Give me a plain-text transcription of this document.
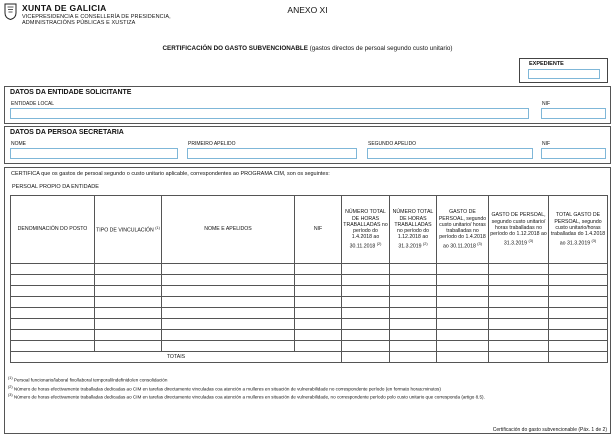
XUNTA DE GALICIA
VICEPRESIDENCIA E CONSELLERÍA DE PRESIDENCIA,
ADMINISTRACIÓNS PÚBLICAS E XUSTIZA
ANEXO XI
CERTIFICACIÓN DO GASTO SUBVENCIONABLE (gastos directos de persoal segundo custo unitario)
EXPEDIENTE
DATOS DA ENTIDADE SOLICITANTE
ENTIDADE LOCAL	NIF
DATOS DA PERSOA SECRETARIA
NOME	PRIMEIRO APELIDO	SEGUNDO APELIDO	NIF
CERTIFICA que os gastos de persoal segundo o custo unitario aplicable, correspondentes ao PROGRAMA CIM, son os seguintes:
PERSOAL PROPIO DA ENTIDADE
DENOMINACIÓN DO POSTO	TIPO DE VINCULACIÓN $^{(1)}$	NOME E APELIDOS	NIF	NÚMERO TOTAL DE HORAS TRABALLADAS no período do 1.4.2018 ao 30.11.2018 $^{(2)}$	NÚMERO TOTAL DE HORAS TRABALLADAS no período do 1.12.2018 ao 31.3.2019 $^{(2)}$	GASTO DE PERSOAL, segundo custo unitario/ horas traballadas no período do 1.4.2018 ao 30.11.2018 $^{(3)}$	GASTO DE PERSOAL, segundo custo unitario/ horas traballadas no período do 1.12.2018 ao 31.3.2019 $^{(3)}$	TOTAL GASTO DE PERSOAL, segundo custo unitario/horas traballadas do 1.4.2018 ao 31.3.2019 $^{(3)}$

TOTAIS								
$^{(1)}$ Persoal funcionario/laboral fixo/laboral temporal/indefinido/en consolidación
$^{(2)}$ Número de horas efectivamente traballadas dedicadas ao CIM en tarefas directamente vinculadas coa atención a mulleres en situación de vulnerabilidade no correspondente período (en formato horas:minutos)
$^{(3)}$ Número de horas efectivamente traballadas dedicadas ao CIM en tarefas directamente vinculadas coa atención a mulleres en situación de vulnerabilidade, no correspondente período polo custo unitario que corresponda (artigo 8.5).
Certificación do gasto subvencionable (Páx. 1 de 2)
